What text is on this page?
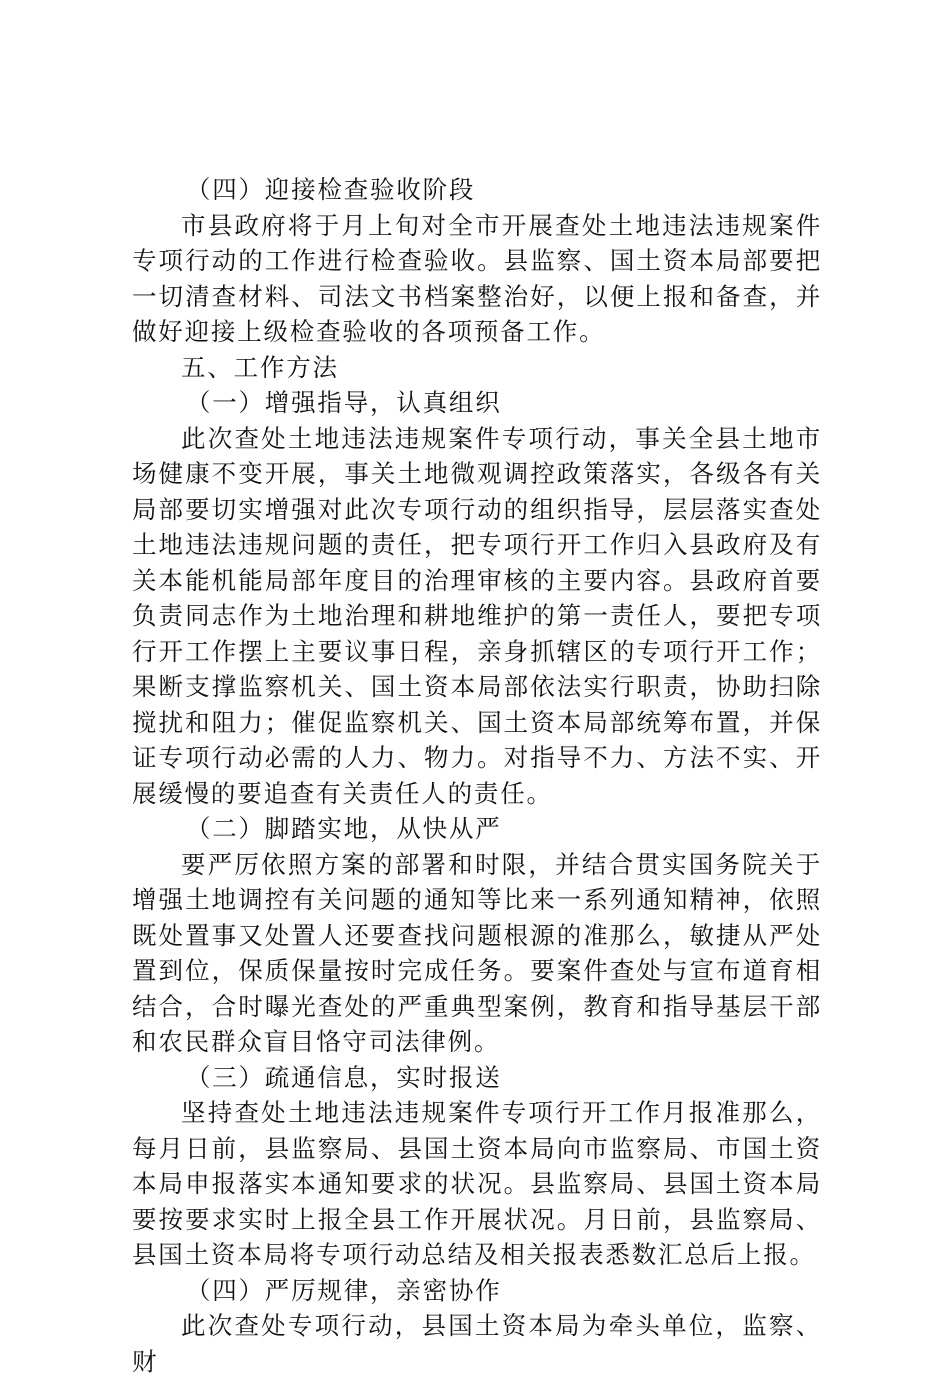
（四）迎接检查验收阶段

市县政府将于月上旬对全市开展查处土地违法违规案件专项行动的工作进行检查验收。县监察、国土资本局部要把一切清查材料、司法文书档案整治好，以便上报和备查，并做好迎接上级检查验收的各项预备工作。

五、工作方法

（一）增强指导，认真组织

此次查处土地违法违规案件专项行动，事关全县土地市场健康不变开展，事关土地微观调控政策落实，各级各有关局部要切实增强对此次专项行动的组织指导，层层落实查处土地违法违规问题的责任，把专项行开工作归入县政府及有关本能机能局部年度目的治理审核的主要内容。县政府首要负责同志作为土地治理和耕地维护的第一责任人，要把专项行开工作摆上主要议事日程，亲身抓辖区的专项行开工作；果断支撑监察机关、国土资本局部依法实行职责，协助扫除搅扰和阻力；催促监察机关、国土资本局部统筹布置，并保证专项行动必需的人力、物力。对指导不力、方法不实、开展缓慢的要追查有关责任人的责任。

（二）脚踏实地，从快从严

要严厉依照方案的部署和时限，并结合贯实国务院关于增强土地调控有关问题的通知等比来一系列通知精神，依照既处置事又处置人还要查找问题根源的准那么，敏捷从严处置到位，保质保量按时完成任务。要案件查处与宣布道育相结合，合时曝光查处的严重典型案例，教育和指导基层干部和农民群众盲目恪守司法律例。

（三）疏通信息，实时报送

坚持查处土地违法违规案件专项行开工作月报准那么，每月日前，县监察局、县国土资本局向市监察局、市国土资本局申报落实本通知要求的状况。县监察局、县国土资本局要按要求实时上报全县工作开展状况。月日前，县监察局、县国土资本局将专项行动总结及相关报表悉数汇总后上报。

（四）严厉规律，亲密协作

此次查处专项行动，县国土资本局为牵头单位，监察、财
